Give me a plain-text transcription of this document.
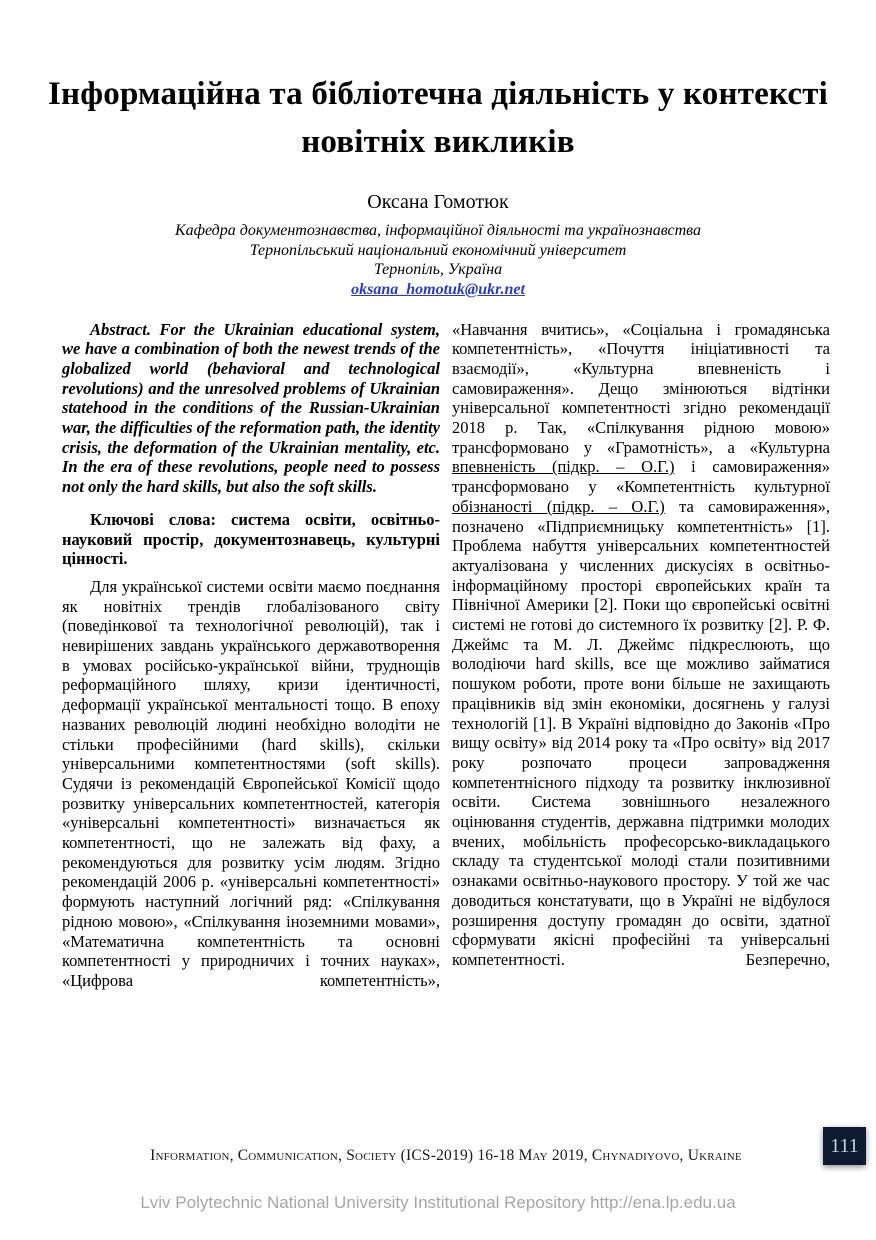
Інформаційна та бібліотечна діяльність у контексті новітніх викликів
Оксана Гомотюк
Кафедра документознавства, інформаційної діяльності та українознавства
Тернопільський національний економічний університет
Тернопіль, Україна
oksana_homotuk@ukr.net

Abstract. For the Ukrainian educational system, we have a combination of both the newest trends of the globalized world (behavioral and technological revolutions) and the unresolved problems of Ukrainian statehood in the conditions of the Russian-Ukrainian war, the difficulties of the reformation path, the identity crisis, the deformation of the Ukrainian mentality, etc. In the era of these revolutions, people need to possess not only the hard skills, but also the soft skills.

Ключові слова: система освіти, освітньо-науковий простір, документознавець, культурні цінності.

Для української системи освіти маємо поєднання як новітніх трендів глобалізованого світу (поведінкової та технологічної революцій), так і невирішених завдань українського державотворення в умовах російсько-української війни, труднощів реформаційного шляху, кризи ідентичності, деформації української ментальності тощо. В епоху названих революцій людині необхідно володіти не стільки професійними (hard skills), скільки універсальними компетентностями (soft skills). Судячи із рекомендацій Європейської Комісії щодо розвитку універсальних компетентностей, категорія «універсальні компетентності» визначається як компетентності, що не залежать від фаху, а рекомендуються для розвитку усім людям. Згідно рекомендацій 2006 р. «універсальні компетентності» формують наступний логічний ряд: «Спілкування рідною мовою», «Спілкування іноземними мовами», «Математична компетентність та основні компетентності у природничих і точних науках», «Цифрова компетентність»,

«Навчання вчитись», «Соціальна і громадянська компетентність», «Почуття ініціативності та взаємодії», «Культурна впевненість і самовираження». Дещо змінюються відтінки універсальної компетентності згідно рекомендації 2018 р. Так, «Спілкування рідною мовою» трансформовано у «Грамотність», а «Культурна впевненість (підкр. – О.Г.) і самовираження» трансформовано у «Компетентність культурної обізнаності (підкр. – О.Г.) та самовираження», позначено «Підприємницьку компетентність» [1]. Проблема набуття універсальних компетентностей актуалізована у численних дискусіях в освітньо-інформаційному просторі європейських країн та Північної Америки [2]. Поки що європейські освітні системі не готові до системного їх розвитку [2]. Р. Ф. Джеймс та М. Л. Джеймс підкреслюють, що володіючи hard skills, все ще можливо займатися пошуком роботи, проте вони більше не захищають працівників від змін економіки, досягнень у галузі технологій [1]. В Україні відповідно до Законів «Про вищу освіту» від 2014 року та «Про освіту» від 2017 року розпочато процеси запровадження компетентнісного підходу та розвитку інклюзивної освіти. Система зовнішнього незалежного оцінювання студентів, державна підтримки молодих вчених, мобільність професорсько-викладацького складу та студентської молоді стали позитивними ознаками освітньо-наукового простору. У той же час доводиться констатувати, що в Україні не відбулося розширення доступу громадян до освіти, здатної сформувати якісні професійні та універсальні компетентності. Безперечно,

Information, Communication, Society (ICS-2019) 16-18 May 2019, Chynadiyovo, Ukraine	111
Lviv Polytechnic National University Institutional Repository http://ena.lp.edu.ua
